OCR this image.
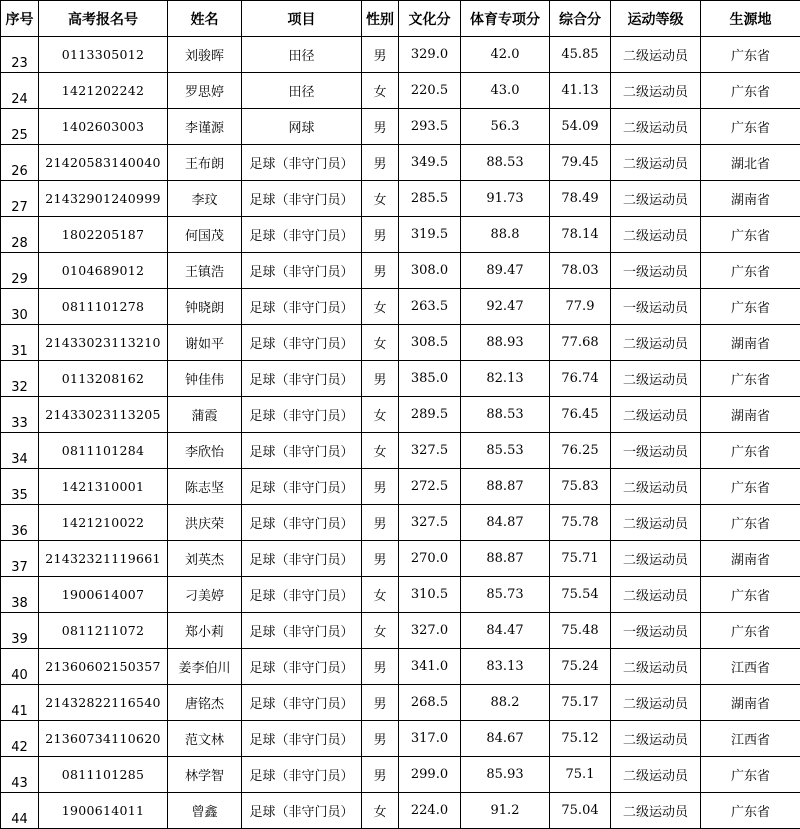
序号	高考报名号	姓名	项目	性别	文化分	体育专项分	综合分	运动等级	生源地
23	0113305012	刘骏晖	田径	男	329.0	42.0	45.85	二级运动员	广东省
24	1421202242	罗思婷	田径	女	220.5	43.0	41.13	二级运动员	广东省
25	1402603003	李谨源	网球	男	293.5	56.3	54.09	二级运动员	广东省
26	21420583140040	王布朗	足球（非守门员）	男	349.5	88.53	79.45	二级运动员	湖北省
27	21432901240999	李玟	足球（非守门员）	女	285.5	91.73	78.49	二级运动员	湖南省
28	1802205187	何国茂	足球（非守门员）	男	319.5	88.8	78.14	二级运动员	广东省
29	0104689012	王镇浩	足球（非守门员）	男	308.0	89.47	78.03	一级运动员	广东省
30	0811101278	钟晓朗	足球（非守门员）	女	263.5	92.47	77.9	一级运动员	广东省
31	21433023113210	谢如平	足球（非守门员）	女	308.5	88.93	77.68	二级运动员	湖南省
32	0113208162	钟佳伟	足球（非守门员）	男	385.0	82.13	76.74	二级运动员	广东省
33	21433023113205	蒲霞	足球（非守门员）	女	289.5	88.53	76.45	二级运动员	湖南省
34	0811101284	李欣怡	足球（非守门员）	女	327.5	85.53	76.25	一级运动员	广东省
35	1421310001	陈志坚	足球（非守门员）	男	272.5	88.87	75.83	二级运动员	广东省
36	1421210022	洪庆荣	足球（非守门员）	男	327.5	84.87	75.78	二级运动员	广东省
37	21432321119661	刘英杰	足球（非守门员）	男	270.0	88.87	75.71	二级运动员	湖南省
38	1900614007	刁美婷	足球（非守门员）	女	310.5	85.73	75.54	二级运动员	广东省
39	0811211072	郑小莉	足球（非守门员）	女	327.0	84.47	75.48	一级运动员	广东省
40	21360602150357	姜李伯川	足球（非守门员）	男	341.0	83.13	75.24	二级运动员	江西省
41	21432822116540	唐铭杰	足球（非守门员）	男	268.5	88.2	75.17	二级运动员	湖南省
42	21360734110620	范文林	足球（非守门员）	男	317.0	84.67	75.12	二级运动员	江西省
43	0811101285	林学智	足球（非守门员）	男	299.0	85.93	75.1	二级运动员	广东省
44	1900614011	曾鑫	足球（非守门员）	女	224.0	91.2	75.04	二级运动员	广东省
